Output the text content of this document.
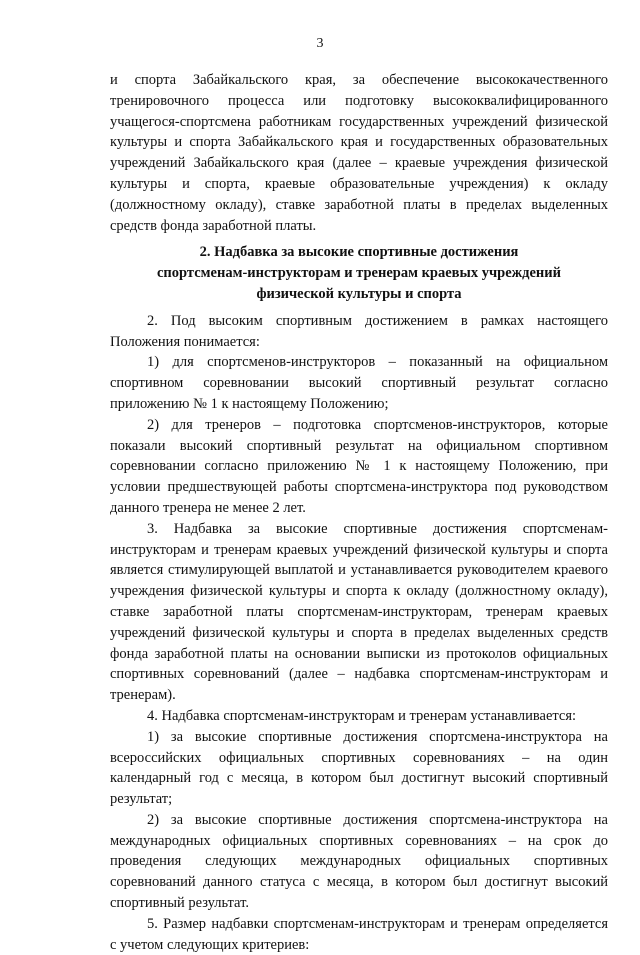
3

и спорта Забайкальского края, за обеспечение высококачественного тренировочного процесса или подготовку высококвалифицированного учащегося-спортсмена работникам государственных учреждений физической культуры и спорта Забайкальского края и государственных образовательных учреждений Забайкальского края (далее – краевые учреждения физической культуры и спорта, краевые образовательные учреждения) к окладу (должностному окладу), ставке заработной платы в пределах выделенных средств фонда заработной платы.

2. Надбавка за высокие спортивные достижения
спортсменам-инструкторам и тренерам краевых учреждений
физической культуры и спорта

2. Под высоким спортивным достижением в рамках настоящего Положения понимается:

1) для спортсменов-инструкторов – показанный на официальном спортивном соревновании высокий спортивный результат согласно приложению № 1 к настоящему Положению;

2) для тренеров – подготовка спортсменов-инструкторов, которые показали высокий спортивный результат на официальном спортивном соревновании согласно приложению № 1 к настоящему Положению, при условии предшествующей работы спортсмена-инструктора под руководством данного тренера не менее 2 лет.

3. Надбавка за высокие спортивные достижения спортсменам-инструкторам и тренерам краевых учреждений физической культуры и спорта является стимулирующей выплатой и устанавливается руководителем краевого учреждения физической культуры и спорта к окладу (должностному окладу), ставке заработной платы спортсменам-инструкторам, тренерам краевых учреждений физической культуры и спорта в пределах выделенных средств фонда заработной платы на основании выписки из протоколов официальных спортивных соревнований (далее – надбавка спортсменам-инструкторам и тренерам).

4. Надбавка спортсменам-инструкторам и тренерам устанавливается:

1) за высокие спортивные достижения спортсмена-инструктора на всероссийских официальных спортивных соревнованиях – на один календарный год с месяца, в котором был достигнут высокий спортивный результат;

2) за высокие спортивные достижения спортсмена-инструктора на международных официальных спортивных соревнованиях – на срок до проведения следующих международных официальных спортивных соревнований данного статуса с месяца, в котором был достигнут высокий спортивный результат.

5. Размер надбавки спортсменам-инструкторам и тренерам определяется с учетом следующих критериев:
